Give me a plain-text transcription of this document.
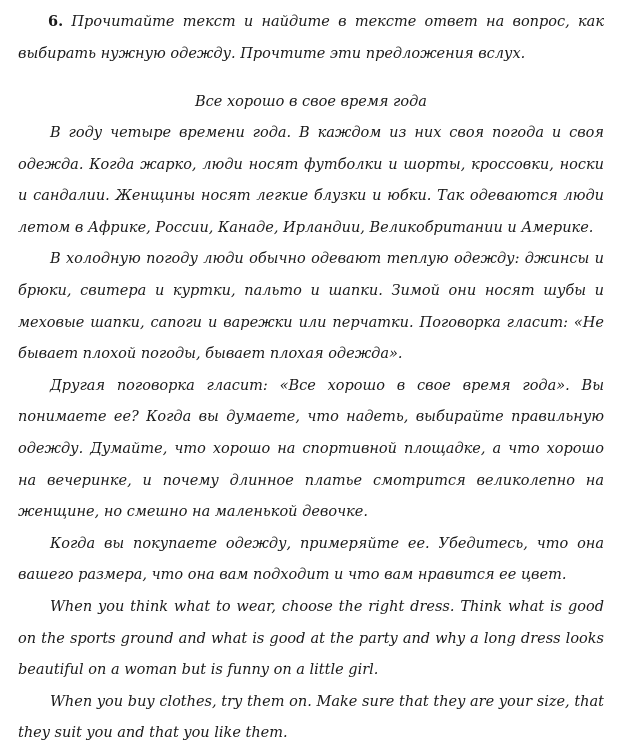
6. Прочитайте текст и найдите в тексте ответ на вопрос, как выбирать нужную одежду. Прочтите эти предложения вслух.

Все хорошо в свое время года

В году четыре времени года. В каждом из них своя погода и своя одежда. Когда жарко, люди носят футболки и шорты, кроссовки, носки и сандалии. Женщины носят легкие блузки и юбки. Так одеваются люди летом в Африке, России, Канаде, Ирландии, Великобритании и Америке.

В холодную погоду люди обычно одевают теплую одежду: джинсы и брюки, свитера и куртки, пальто и шапки. Зимой они носят шубы и меховые шапки, сапоги и варежки или перчатки. Поговорка гласит: «Не бывает плохой погоды, бывает плохая одежда».

Другая поговорка гласит: «Все хорошо в свое время года». Вы понимаете ее? Когда вы думаете, что надеть, выбирайте правильную одежду. Думайте, что хорошо на спортивной площадке, а что хорошо на вечеринке, и почему длинное платье смотрится великолепно на женщине, но смешно на маленькой девочке.

Когда вы покупаете одежду, примеряйте ее. Убедитесь, что она вашего размера, что она вам подходит и что вам нравится ее цвет.

When you think what to wear, choose the right dress. Think what is good on the sports ground and what is good at the party and why a long dress looks beautiful on a woman but is funny on a little girl.

When you buy clothes, try them on. Make sure that they are your size, that they suit you and that you like them.
